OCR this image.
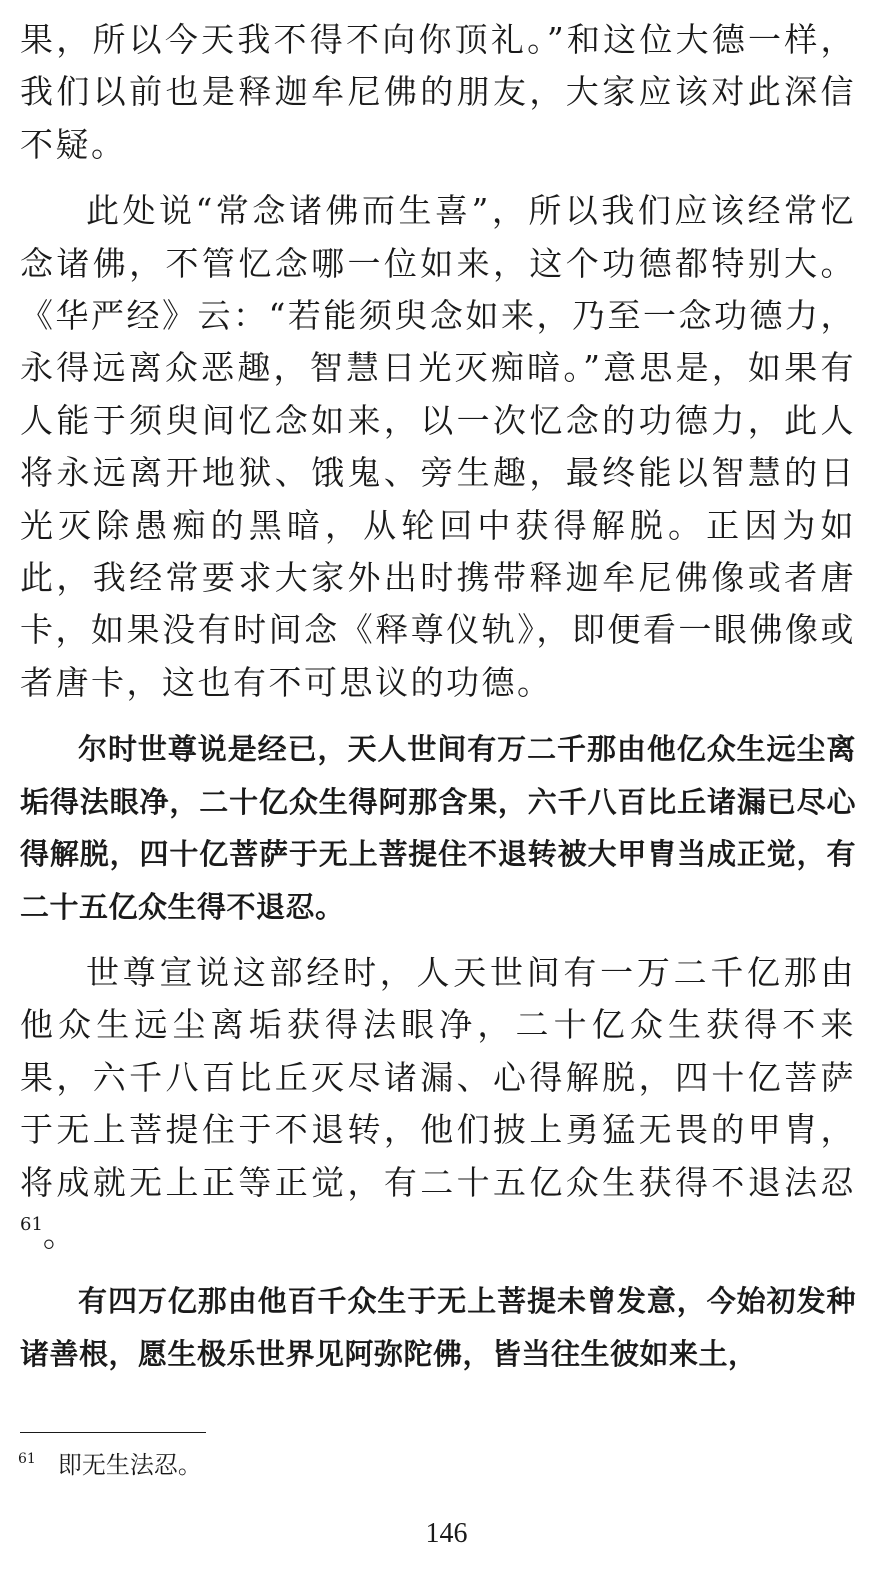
果，所以今天我不得不向你顶礼。”和这位大德一样，我们以前也是释迦牟尼佛的朋友，大家应该对此深信不疑。

此处说“常念诸佛而生喜”，所以我们应该经常忆念诸佛，不管忆念哪一位如来，这个功德都特别大。《华严经》云：“若能须臾念如来，乃至一念功德力，永得远离众恶趣，智慧日光灭痴暗。”意思是，如果有人能于须臾间忆念如来，以一次忆念的功德力，此人将永远离开地狱、饿鬼、旁生趣，最终能以智慧的日光灭除愚痴的黑暗，从轮回中获得解脱。正因为如此，我经常要求大家外出时携带释迦牟尼佛像或者唐卡，如果没有时间念《释尊仪轨》，即便看一眼佛像或者唐卡，这也有不可思议的功德。

尔时世尊说是经已，天人世间有万二千那由他亿众生远尘离垢得法眼净，二十亿众生得阿那含果，六千八百比丘诸漏已尽心得解脱，四十亿菩萨于无上菩提住不退转被大甲胄当成正觉，有二十五亿众生得不退忍。

世尊宣说这部经时，人天世间有一万二千亿那由他众生远尘离垢获得法眼净，二十亿众生获得不来果，六千八百比丘灭尽诸漏、心得解脱，四十亿菩萨于无上菩提住于不退转，他们披上勇猛无畏的甲胄，将成就无上正等正觉，有二十五亿众生获得不退法忍$^{61}$。

有四万亿那由他百千众生于无上菩提未曾发意，今始初发种诸善根，愿生极乐世界见阿弥陀佛，皆当往生彼如来土，

$^{61}$ 即无生法忍。
146
